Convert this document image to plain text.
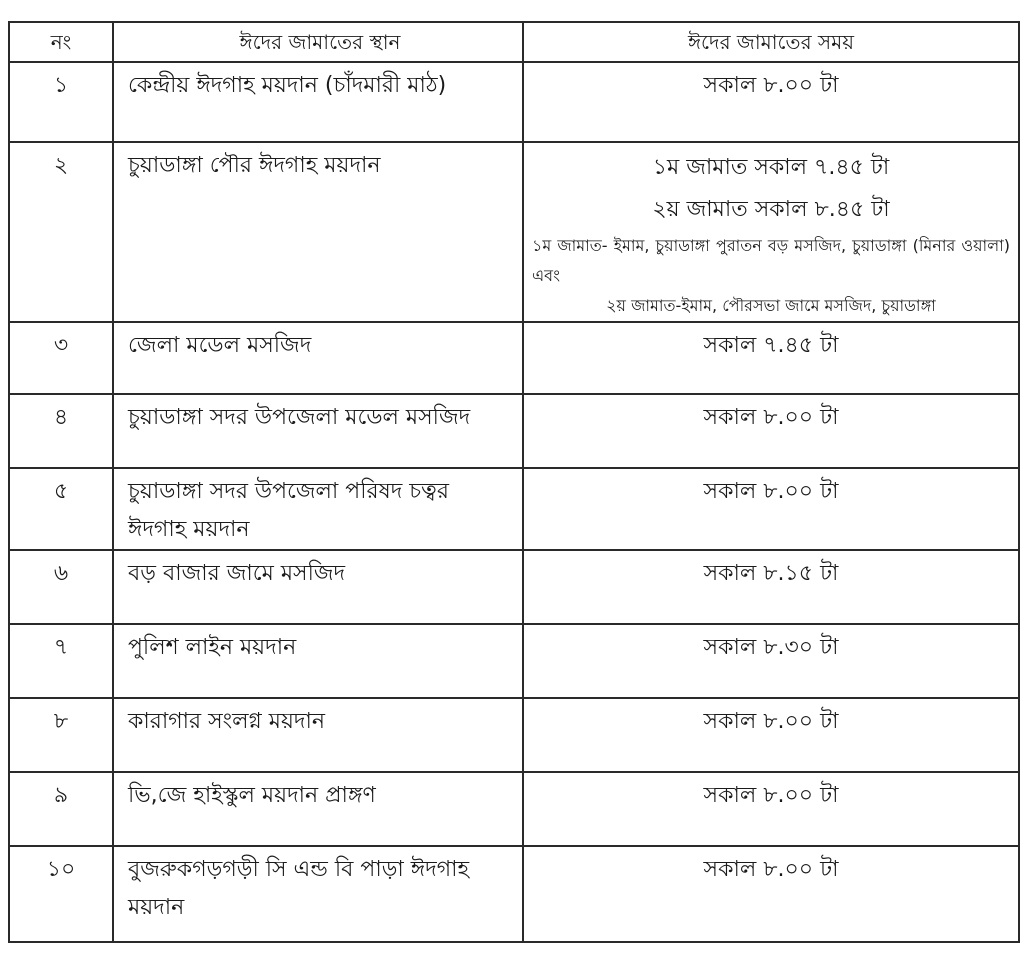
নং	ঈদের জামাতের স্থান	ঈদের জামাতের সময়
১	কেন্দ্রীয় ঈদগাহ ময়দান (চাঁদমারী মাঠ)	সকাল ৮.০০ টা
২	চুয়াডাঙ্গা পৌর ঈদগাহ ময়দান	১ম জামাত সকাল ৭.৪৫ টা
২য় জামাত সকাল ৮.৪৫ টা
১ম জামাত- ইমাম, চুয়াডাঙ্গা পুরাতন বড় মসজিদ, চুয়াডাঙ্গা (মিনার ওয়ালা) এবং
২য় জামাত-ইমাম, পৌরসভা জামে মসজিদ, চুয়াডাঙ্গা

৩	জেলা মডেল মসজিদ	সকাল ৭.৪৫ টা
৪	চুয়াডাঙ্গা সদর উপজেলা মডেল মসজিদ	সকাল ৮.০০ টা
৫	চুয়াডাঙ্গা সদর উপজেলা পরিষদ চত্বর ঈদগাহ ময়দান	সকাল ৮.০০ টা
৬	বড় বাজার জামে মসজিদ	সকাল ৮.১৫ টা
৭	পুলিশ লাইন ময়দান	সকাল ৮.৩০ টা
৮	কারাগার সংলগ্ন ময়দান	সকাল ৮.০০ টা
৯	ভি,জে হাইস্কুল ময়দান প্রাঙ্গণ	সকাল ৮.০০ টা
১০	বুজরুকগড়গড়ী সি এন্ড বি পাড়া ঈদগাহ ময়দান	সকাল ৮.০০ টা
